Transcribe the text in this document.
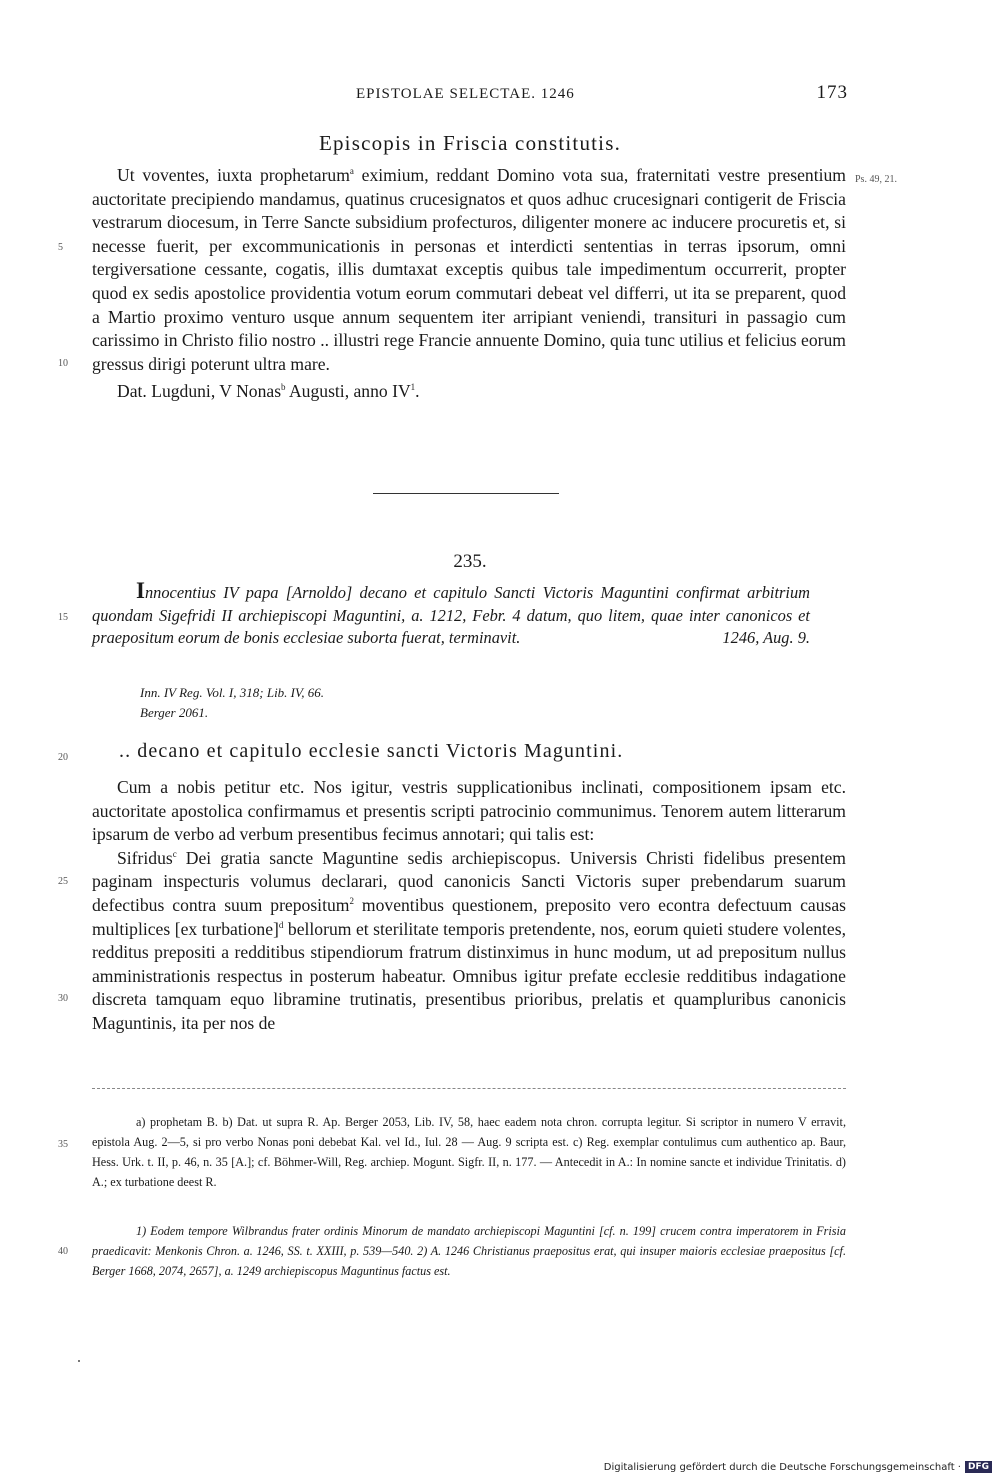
EPISTOLAE SELECTAE. 1246	173
Episcopis in Friscia constitutis.
Ps. 49, 21.

Ut voventes, iuxta prophetarum$^a$ eximium, reddant Domino vota sua, fraternitati vestre presentium auctoritate precipiendo mandamus, quatinus crucesignatos et quos adhuc crucesignari contigerit de Friscia vestrarum diocesum, in Terre Sancte subsidium profecturos, diligenter monere ac inducere procuretis et, si necesse fuerit, per excommunicationis in personas et interdicti sententias in terras ipsorum, omni tergiversatione cessante, cogatis, illis dumtaxat exceptis quibus tale impedimentum occurrerit, propter quod ex sedis apostolice providentia votum eorum commutari debeat vel differri, ut ita se preparent, quod a Martio proximo venturo usque annum sequentem iter arripiant veniendi, transituri in passagio cum carissimo in Christo filio nostro .. illustri rege Francie annuente Domino, quia tunc utilius et felicius eorum gressus dirigi poterunt ultra mare.

Dat. Lugduni, V Nonas$^b$ Augusti, anno $IV^1$.

235.

Innocentius IV papa [Arnoldo] decano et capitulo Sancti Victoris Maguntini confirmat arbitrium quondam Sigefridi II archiepiscopi Maguntini, a. 1212, Febr. 4 datum, quo litem, quae inter canonicos et praepositum eorum de bonis ecclesiae suborta fuerat, terminavit.	1246, Aug. 9.

Inn. IV Reg. Vol. I, 318; Lib. IV, 66.
Berger 2061.
.. decano et capitulo ecclesie sancti Victoris Maguntini.

Cum a nobis petitur etc. Nos igitur, vestris supplicationibus inclinati, compositionem ipsam etc. auctoritate apostolica confirmamus et presentis scripti patrocinio communimus. Tenorem autem litterarum ipsarum de verbo ad verbum presentibus fecimus annotari; qui talis est:

Sifridus$^c$ Dei gratia sancte Maguntine sedis archiepiscopus. Universis Christi fidelibus presentem paginam inspecturis volumus declarari, quod canonicis Sancti Victoris super prebendarum suarum defectibus contra suum prepositum$^2$ moventibus questionem, preposito vero econtra defectuum causas multiplices [ex turbatione]$^d$ bellorum et sterilitate temporis pretendente, nos, eorum quieti studere volentes, redditus prepositi a redditibus stipendiorum fratrum distinximus in hunc modum, ut ad prepositum nullus amministrationis respectus in posterum habeatur. Omnibus igitur prefate ecclesie redditibus indagatione discreta tamquam equo libramine trutinatis, presentibus prioribus, prelatis et quampluribus canonicis Maguntinis, ita per nos de

a) prophetam B. b) Dat. ut supra R. Ap. Berger 2053, Lib. IV, 58, haec eadem nota chron. corrupta legitur. Si scriptor in numero V erravit, epistola Aug. 2—5, si pro verbo Nonas poni debebat Kal. vel Id., Iul. 28 — Aug. 9 scripta est. c) Reg. exemplar contulimus cum authentico ap. Baur, Hess. Urk. t. II, p. 46, n. 35 [A.]; cf. Böhmer-Will, Reg. archiep. Mogunt. Sigfr. II, n. 177. — Antecedit in A.: In nomine sancte et individue Trinitatis. d) A.; ex turbatione deest R.

1) Eodem tempore Wilbrandus frater ordinis Minorum de mandato archiepiscopi Maguntini [cf. n. 199] crucem contra imperatorem in Frisia praedicavit: Menkonis Chron. a. 1246, SS. t. XXIII, p. 539—540. 2) A. 1246 Christianus praepositus erat, qui insuper maioris ecclesiae praepositus [cf. Berger 1668, 2074, 2657], a. 1249 archiepiscopus Maguntinus factus est.

5
10
15
20
25
30
35
40
Digitalisierung gefördert durch die Deutsche Forschungsgemeinschaft · DFG
